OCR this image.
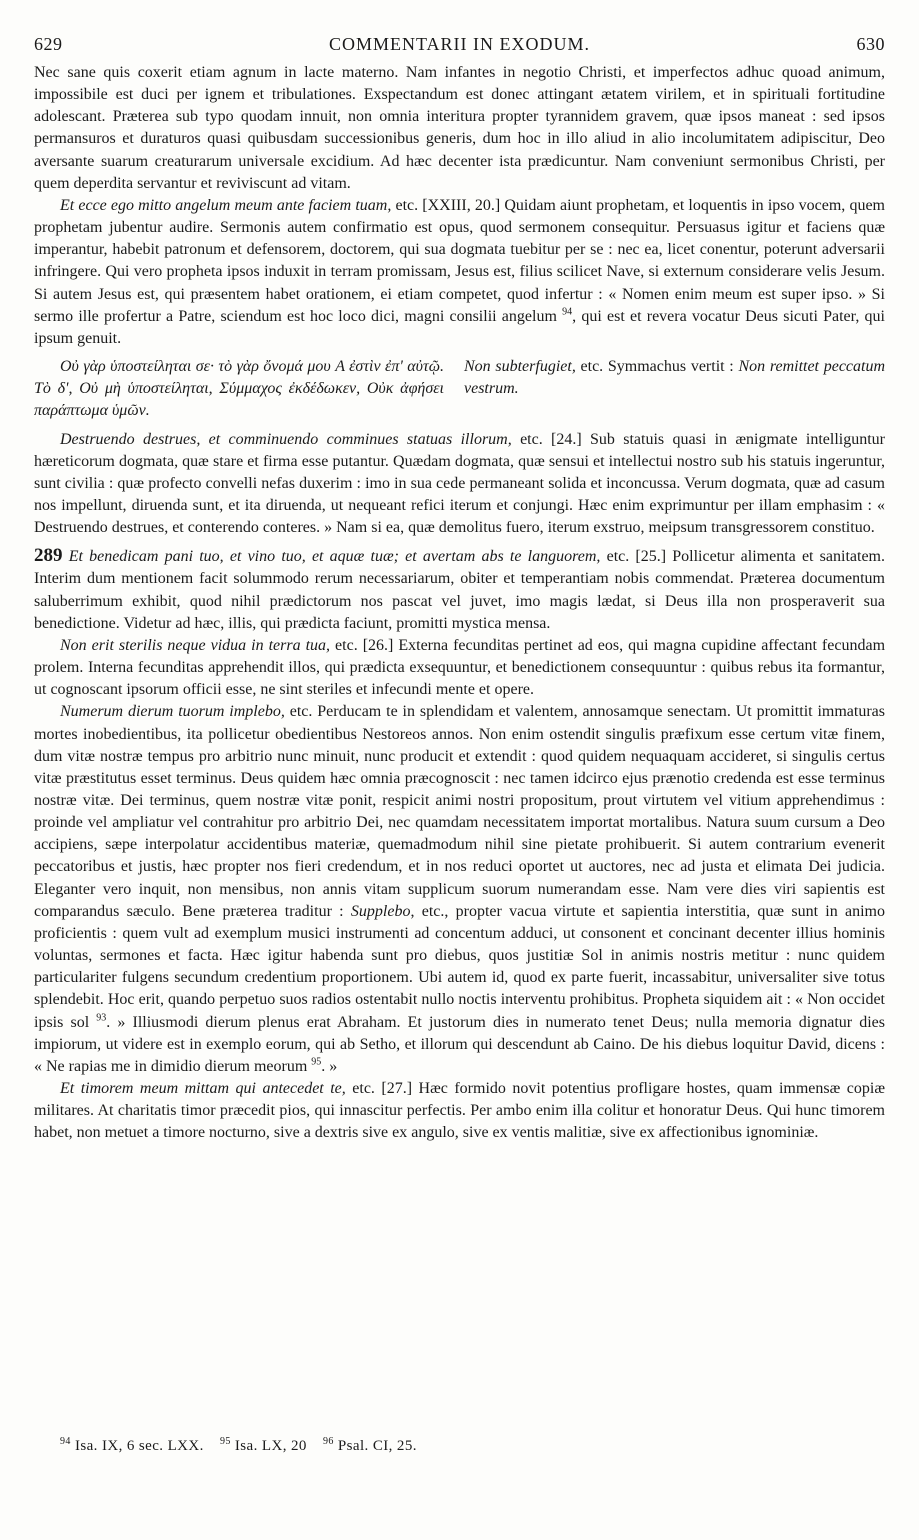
629	COMMENTARII IN EXODUM.	630

Nec sane quis coxerit etiam agnum in lacte materno. Nam infantes in negotio Christi, et imperfectos adhuc quoad animum, impossibile est duci per ignem et tribulationes. Exspectandum est donec attingant ætatem virilem, et in spirituali fortitudine adolescant. Præterea sub typo quodam innuit, non omnia interitura propter tyrannidem gravem, quæ ipsos maneat : sed ipsos permansuros et duraturos quasi quibusdam successionibus generis, dum hoc in illo aliud in alio incolumitatem adipiscitur, Deo aversante suarum creaturarum universale excidium. Ad hæc decenter ista prædicuntur. Nam conveniunt sermonibus Christi, per quem deperdita servantur et reviviscunt ad vitam.

Et ecce ego mitto angelum meum ante faciem tuam, etc. [XXIII, 20.] Quidam aiunt prophetam, et loquentis in ipso vocem, quem prophetam jubentur audire. Sermonis autem confirmatio est opus, quod sermonem consequitur. Persuasus igitur et faciens quæ imperantur, habebit patronum et defensorem, doctorem, qui sua dogmata tuebitur per se : nec ea, licet conentur, poterunt adversarii infringere. Qui vero propheta ipsos induxit in terram promissam, Jesus est, filius scilicet Nave, si externum considerare velis Jesum. Si autem Jesus est, qui præsentem habet orationem, ei etiam competet, quod infertur : « Nomen enim meum est super ipso. » Si sermo ille profertur a Patre, sciendum est hoc loco dici, magni consilii angelum $^{94}$, qui est et revera vocatur Deus sicuti Pater, qui ipsum genuit.

Οὐ γὰρ ὑποστείληται σε· τὸ γὰρ ὄνομά μου A ἐστὶν ἐπ' αὐτῷ. Τὸ δ', Οὐ μὴ ὑποστείληται, Σύμμαχος ἐκδέδωκεν, Οὐκ ἀφήσει παράπτωμα ὑμῶν.
Non subterfugiet, etc. Symmachus vertit : Non remittet peccatum vestrum.

Destruendo destrues, et comminuendo comminues statuas illorum, etc. [24.] Sub statuis quasi in ænigmate intelliguntur hæreticorum dogmata, quæ stare et firma esse putantur. Quædam dogmata, quæ sensui et intellectui nostro sub his statuis ingeruntur, sunt civilia : quæ profecto convelli nefas duxerim : imo in sua cede permaneant solida et inconcussa. Verum dogmata, quæ ad casum nos impellunt, diruenda sunt, et ita diruenda, ut nequeant refici iterum et conjungi. Hæc enim exprimuntur per illam emphasim : « Destruendo destrues, et conterendo conteres. » Nam si ea, quæ demolitus fuero, iterum exstruo, meipsum transgressorem constituo.

289 Et benedicam pani tuo, et vino tuo, et aquæ tuæ; et avertam abs te languorem, etc. [25.] Pollicetur alimenta et sanitatem. Interim dum mentionem facit solummodo rerum necessariarum, obiter et temperantiam nobis commendat. Præterea documentum saluberrimum exhibit, quod nihil prædictorum nos pascat vel juvet, imo magis lædat, si Deus illa non prosperaverit sua benedictione. Videtur ad hæc, illis, qui prædicta faciunt, promitti mystica mensa.

Non erit sterilis neque vidua in terra tua, etc. [26.] Externa fecunditas pertinet ad eos, qui magna cupidine affectant fecundam prolem. Interna fecunditas apprehendit illos, qui prædicta exsequuntur, et benedictionem consequuntur : quibus rebus ita formantur, ut cognoscant ipsorum officii esse, ne sint steriles et infecundi mente et opere.

Numerum dierum tuorum implebo, etc. Perducam te in splendidam et valentem, annosamque senectam. Ut promittit immaturas mortes inobedientibus, ita pollicetur obedientibus Nestoreos annos. Non enim ostendit singulis præfixum esse certum vitæ finem, dum vitæ nostræ tempus pro arbitrio nunc minuit, nunc producit et extendit : quod quidem nequaquam accideret, si singulis certus vitæ præstitutus esset terminus. Deus quidem hæc omnia præcognoscit : nec tamen idcirco ejus prænotio credenda est esse terminus nostræ vitæ. Dei terminus, quem nostræ vitæ ponit, respicit animi nostri propositum, prout virtutem vel vitium apprehendimus : proinde vel ampliatur vel contrahitur pro arbitrio Dei, nec quamdam necessitatem importat mortalibus. Natura suum cursum a Deo accipiens, sæpe interpolatur accidentibus materiæ, quemadmodum nihil sine pietate prohibuerit. Si autem contrarium evenerit peccatoribus et justis, hæc propter nos fieri credendum, et in nos reduci oportet ut auctores, nec ad justa et elimata Dei judicia. Eleganter vero inquit, non mensibus, non annis vitam supplicum suorum numerandam esse. Nam vere dies viri sapientis est comparandus sæculo. Bene præterea traditur : Supplebo, etc., propter vacua virtute et sapientia interstitia, quæ sunt in animo proficientis : quem vult ad exemplum musici instrumenti ad concentum adduci, ut consonent et concinant decenter illius hominis voluntas, sermones et facta. Hæc igitur habenda sunt pro diebus, quos justitiæ Sol in animis nostris metitur : nunc quidem particulariter fulgens secundum credentium proportionem. Ubi autem id, quod ex parte fuerit, incassabitur, universaliter sive totus splendebit. Hoc erit, quando perpetuo suos radios ostentabit nullo noctis interventu prohibitus. Propheta siquidem ait : « Non occidet ipsis sol $^{93}$. » Illiusmodi dierum plenus erat Abraham. Et justorum dies in numerato tenet Deus; nulla memoria dignatur dies impiorum, ut videre est in exemplo eorum, qui ab Setho, et illorum qui descendunt ab Caino. De his diebus loquitur David, dicens : « Ne rapias me in dimidio dierum meorum $^{95}$. »

Et timorem meum mittam qui antecedet te, etc. [27.] Hæc formido novit potentius profligare hostes, quam immensæ copiæ militares. At charitatis timor præcedit pios, qui innascitur perfectis. Per ambo enim illa colitur et honoratur Deus. Qui hunc timorem habet, non metuet a timore nocturno, sive a dextris sive ex angulo, sive ex ventis malitiæ, sive ex affectionibus ignominiæ.

$^{94}$ Isa. IX, 6 sec. LXX. $^{95}$ Isa. LX, 20 $^{96}$ Psal. CI, 25.
